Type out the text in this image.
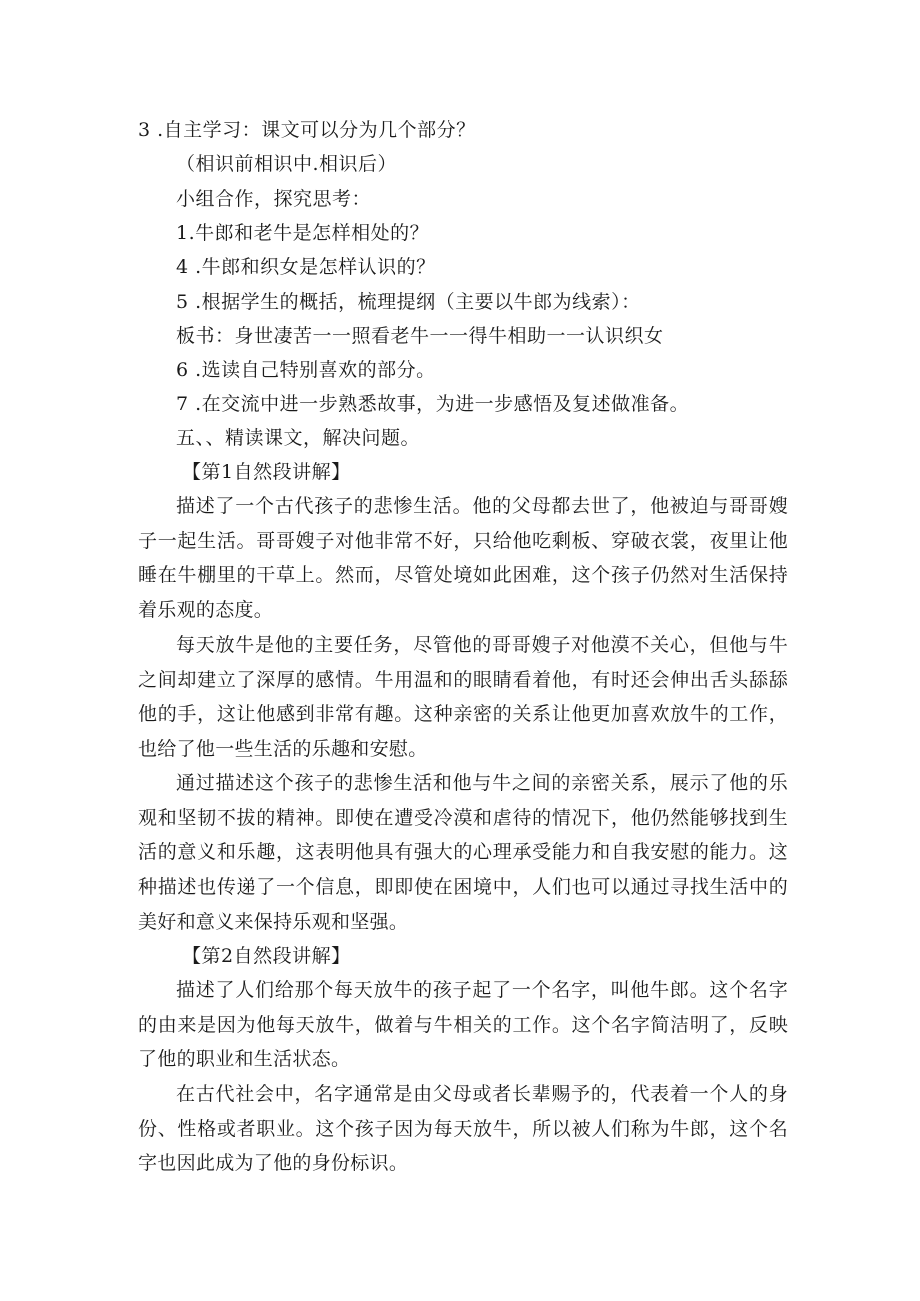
3 .自主学习：课文可以分为几个部分？
（相识前相识中.相识后）
小组合作，探究思考：
1.牛郎和老牛是怎样相处的？
4 .牛郎和织女是怎样认识的？
5 .根据学生的概括，梳理提纲（主要以牛郎为线索）：
板书：身世凄苦一一照看老牛一一得牛相助一一认识织女
6 .选读自己特别喜欢的部分。
7 .在交流中进一步熟悉故事，为进一步感悟及复述做准备。
五、、精读课文，解决问题。
【第1自然段讲解】

描述了一个古代孩子的悲惨生活。他的父母都去世了，他被迫与哥哥嫂子一起生活。哥哥嫂子对他非常不好，只给他吃剩板、穿破衣裳，夜里让他睡在牛棚里的干草上。然而，尽管处境如此困难，这个孩子仍然对生活保持着乐观的态度。

每天放牛是他的主要任务，尽管他的哥哥嫂子对他漠不关心，但他与牛之间却建立了深厚的感情。牛用温和的眼睛看着他，有时还会伸出舌头舔舔他的手，这让他感到非常有趣。这种亲密的关系让他更加喜欢放牛的工作，也给了他一些生活的乐趣和安慰。

通过描述这个孩子的悲惨生活和他与牛之间的亲密关系，展示了他的乐观和坚韧不拔的精神。即使在遭受冷漠和虐待的情况下，他仍然能够找到生活的意义和乐趣，这表明他具有强大的心理承受能力和自我安慰的能力。这种描述也传递了一个信息，即即使在困境中，人们也可以通过寻找生活中的美好和意义来保持乐观和坚强。

【第2自然段讲解】

描述了人们给那个每天放牛的孩子起了一个名字，叫他牛郎。这个名字的由来是因为他每天放牛，做着与牛相关的工作。这个名字简洁明了，反映了他的职业和生活状态。

在古代社会中，名字通常是由父母或者长辈赐予的，代表着一个人的身份、性格或者职业。这个孩子因为每天放牛，所以被人们称为牛郎，这个名字也因此成为了他的身份标识。
